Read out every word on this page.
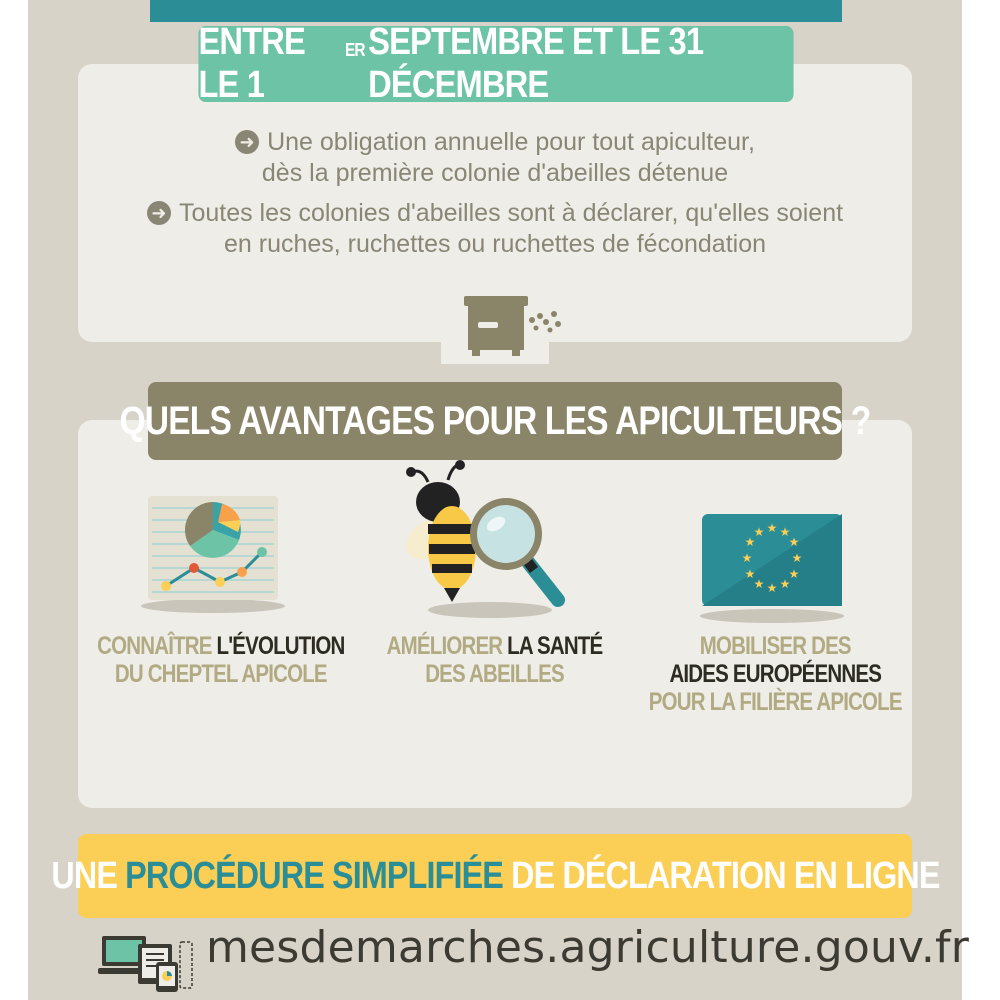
ENTRE LE 1
$^{ER}$ SEPTEMBRE ET LE 31 DÉCEMBRE
➜ Une obligation annuelle pour tout apiculteur,
dès la première colonie d'abeilles détenue
➜ Toutes les colonies d'abeilles sont à déclarer, qu'elles soient
en ruches, ruchettes ou ruchettes de fécondation
QUELS AVANTAGES POUR LES APICULTEURS ?
★ ★
★
★
★
★
★
★
★
★
★
★
CONNAÎTRE L'ÉVOLUTION
DU CHEPTEL APICOLE
AMÉLIORER LA SANTÉ
DES ABEILLES
MOBILISER DES
AIDES EUROPÉENNES
POUR LA FILIÈRE APICOLE
UNE PROCÉDURE SIMPLIFIÉE DE DÉCLARATION EN LIGNE
mesdemarches.agriculture.gouv.fr
